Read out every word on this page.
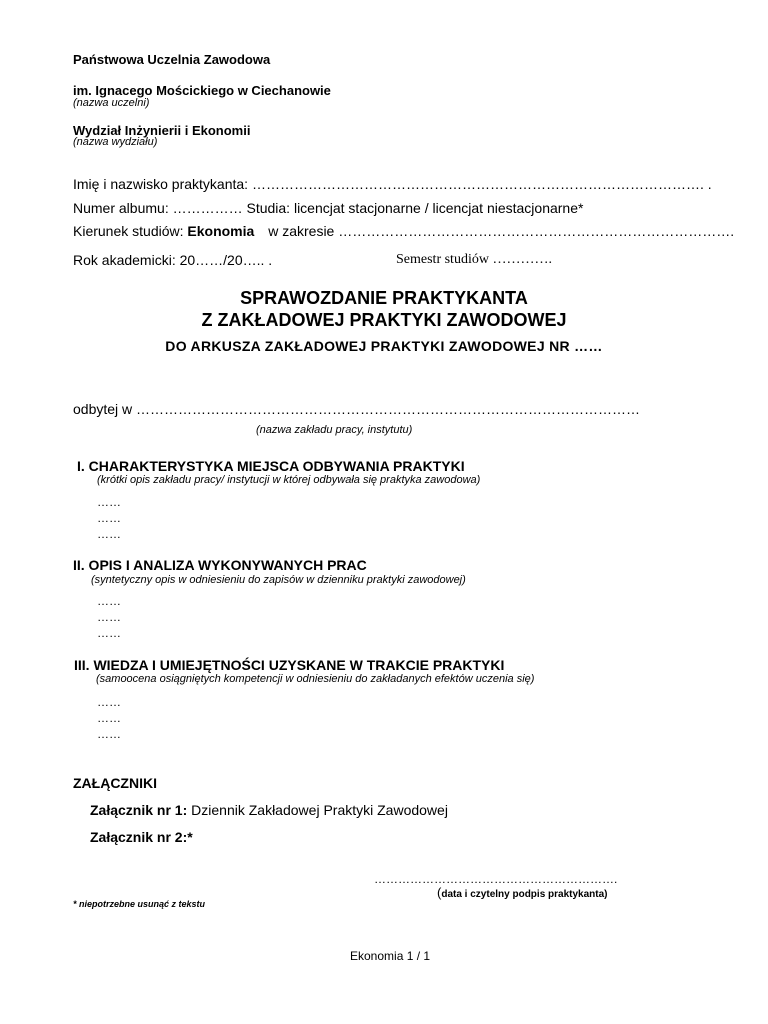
Państwowa Uczelnia Zawodowa
im. Ignacego Mościckiego w Ciechanowie
(nazwa uczelni)
Wydział Inżynierii i Ekonomii
(nazwa wydziału)
Imię i nazwisko praktykanta: ……………………………………………………………………………………. .
Numer albumu: …………… Studia: licencjat stacjonarne / licencjat niestacjonarne*
Kierunek studiów: Ekonomia w zakresie ………………………………………………………………………….
Rok akademicki: 20……/20….. .	Semestr studiów ………….
SPRAWOZDANIE PRAKTYKANTA
Z ZAKŁADOWEJ PRAKTYKI ZAWODOWEJ
DO ARKUSZA ZAKŁADOWEJ PRAKTYKI ZAWODOWEJ NR ……
odbytej w ………………………………………………………………………………………………
(nazwa zakładu pracy, instytutu)
I. CHARAKTERYSTYKA MIEJSCA ODBYWANIA PRAKTYKI
(krótki opis zakładu pracy/ instytucji w której odbywała się praktyka zawodowa)
……
……
……
II. OPIS I ANALIZA WYKONYWANYCH PRAC
(syntetyczny opis w odniesieniu do zapisów w dzienniku praktyki zawodowej)
……
……
……
III. WIEDZA I UMIEJĘTNOŚCI UZYSKANE W TRAKCIE PRAKTYKI
(samoocena osiągniętych kompetencji w odniesieniu do zakładanych efektów uczenia się)
……
……
……
ZAŁĄCZNIKI
Załącznik nr 1: Dziennik Zakładowej Praktyki Zawodowej
Załącznik nr 2:*
…………………………………………………….
(data i czytelny podpis praktykanta)
* niepotrzebne usunąć z tekstu
Ekonomia 1 / 1
